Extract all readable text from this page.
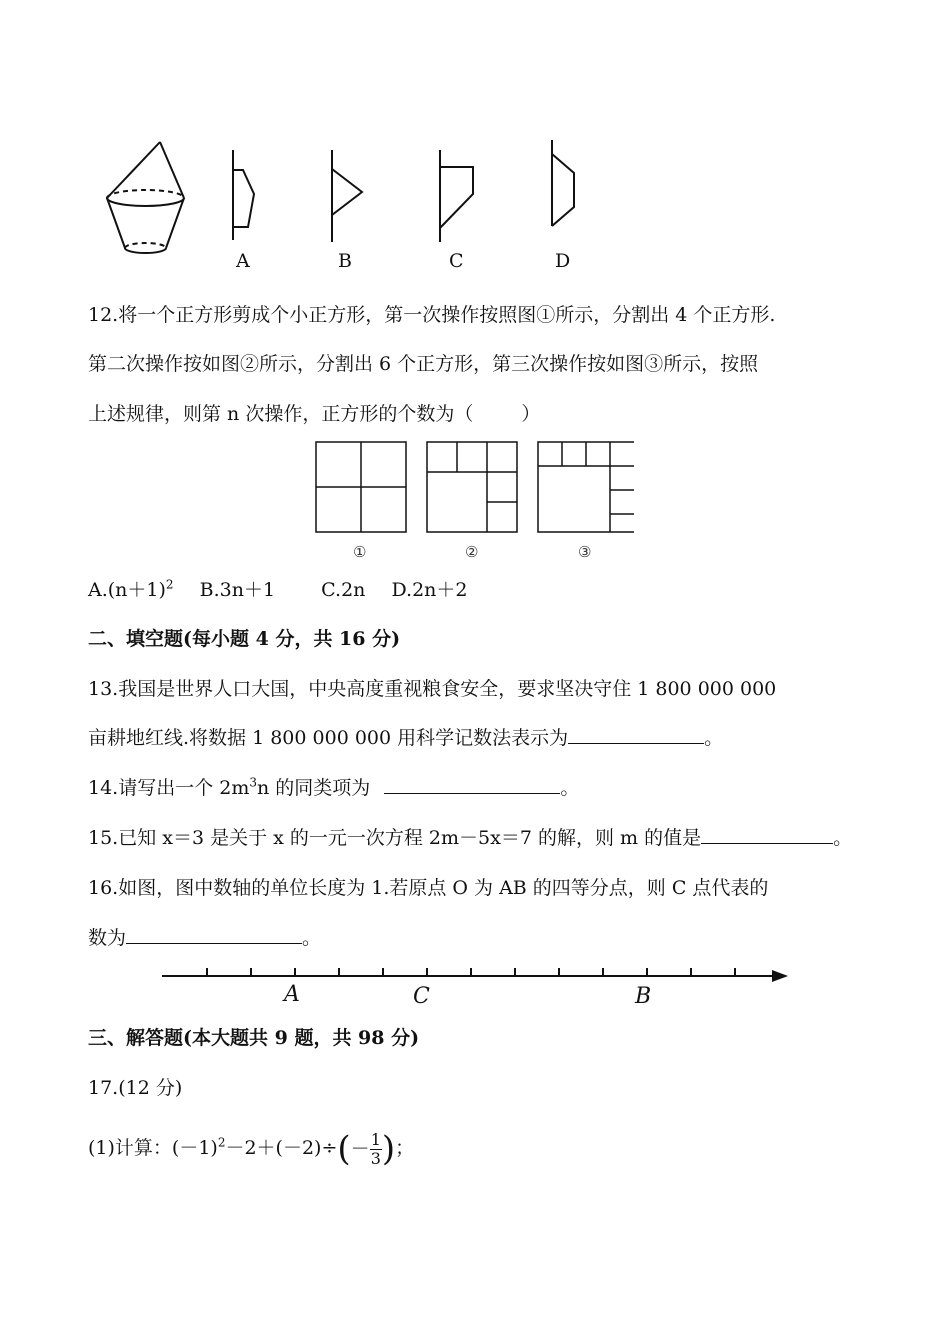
A	B	C	D
12.将一个正方形剪成个小正方形，第一次操作按照图①所示，分割出 4 个正方形.
第二次操作按如图②所示，分割出 6 个正方形，第三次操作按如图③所示，按照
上述规律，则第 n 次操作，正方形的个数为（	）
①	②	③
$A.(n+1)^2$ B.3n＋1 C.2n D.2n＋2
二、填空题(每小题 4 分，共 16 分)
13.我国是世界人口大国，中央高度重视粮食安全，要求坚决守住 1 800 000 000
亩耕地红线.将数据 1 800 000 000 用科学记数法表示为	。
14.请写出一个 $2m^3n$ 的同类项为	。
15.已知 x＝3 是关于 x 的一元一次方程 2m－5x＝7 的解，则 m 的值是	。
16.如图，图中数轴的单位长度为 1.若原点 O 为 AB 的四等分点，则 C 点代表的
数为	。
A	C	B
三、解答题(本大题共 9 题，共 98 分)
17.(12 分)
(1)计算：$(-1)^2-2+(-2)\div(- \frac{1}{3}$ )；
